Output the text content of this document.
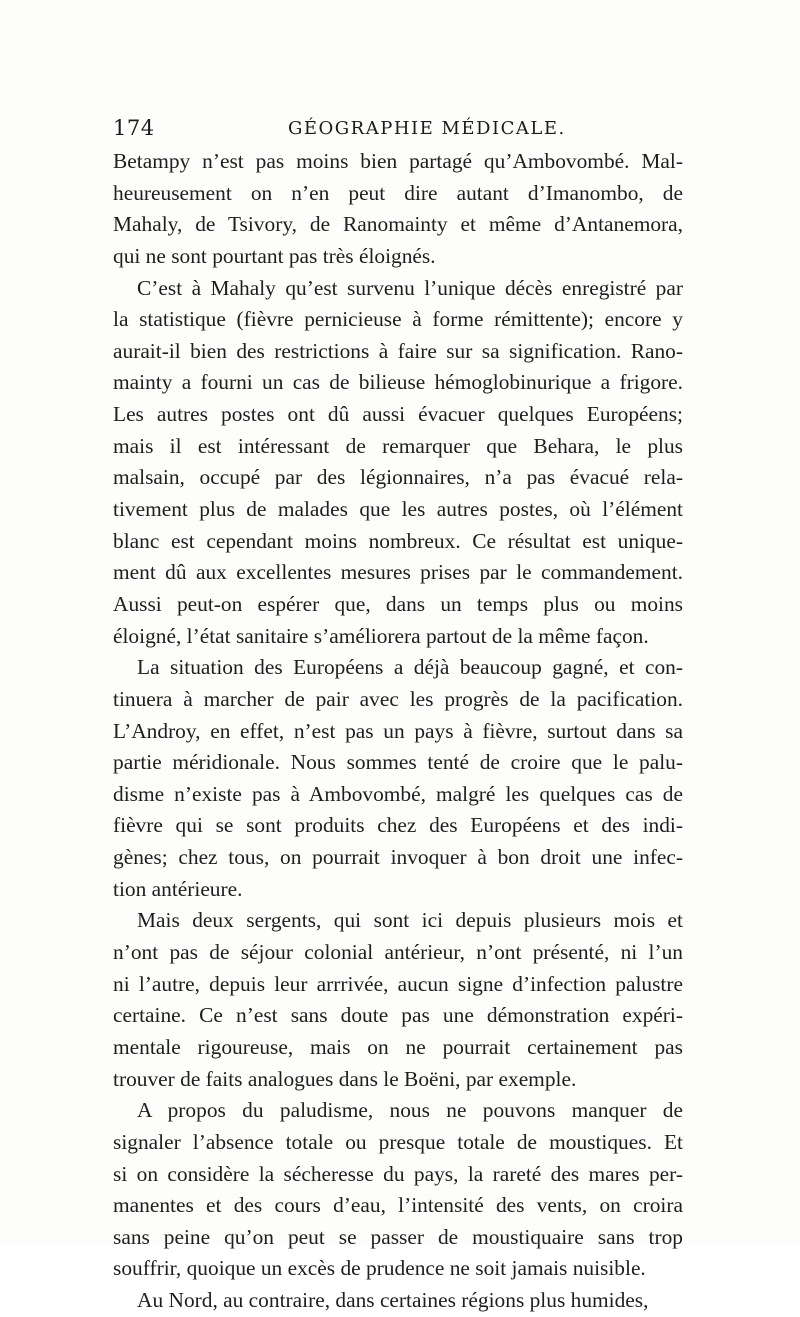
174	GÉOGRAPHIE MÉDICALE.
Betampy n’est pas moins bien partagé qu’Ambovombé. Mal-
heureusement on n’en peut dire autant d’Imanombo, de
Mahaly, de Tsivory, de Ranomainty et même d’Antanemora,
qui ne sont pourtant pas très éloignés.
C’est à Mahaly qu’est survenu l’unique décès enregistré par
la statistique (fièvre pernicieuse à forme rémittente); encore y
aurait-il bien des restrictions à faire sur sa signification. Rano-
mainty a fourni un cas de bilieuse hémoglobinurique a frigore.
Les autres postes ont dû aussi évacuer quelques Européens;
mais il est intéressant de remarquer que Behara, le plus
malsain, occupé par des légionnaires, n’a pas évacué rela-
tivement plus de malades que les autres postes, où l’élément
blanc est cependant moins nombreux. Ce résultat est unique-
ment dû aux excellentes mesures prises par le commandement.
Aussi peut-on espérer que, dans un temps plus ou moins
éloigné, l’état sanitaire s’améliorera partout de la même façon.
La situation des Européens a déjà beaucoup gagné, et con-
tinuera à marcher de pair avec les progrès de la pacification.
L’Androy, en effet, n’est pas un pays à fièvre, surtout dans sa
partie méridionale. Nous sommes tenté de croire que le palu-
disme n’existe pas à Ambovombé, malgré les quelques cas de
fièvre qui se sont produits chez des Européens et des indi-
gènes; chez tous, on pourrait invoquer à bon droit une infec-
tion antérieure.
Mais deux sergents, qui sont ici depuis plusieurs mois et
n’ont pas de séjour colonial antérieur, n’ont présenté, ni l’un
ni l’autre, depuis leur arrrivée, aucun signe d’infection palustre
certaine. Ce n’est sans doute pas une démonstration expéri-
mentale rigoureuse, mais on ne pourrait certainement pas
trouver de faits analogues dans le Boëni, par exemple.
A propos du paludisme, nous ne pouvons manquer de
signaler l’absence totale ou presque totale de moustiques. Et
si on considère la sécheresse du pays, la rareté des mares per-
manentes et des cours d’eau, l’intensité des vents, on croira
sans peine qu’on peut se passer de moustiquaire sans trop
souffrir, quoique un excès de prudence ne soit jamais nuisible.
Au Nord, au contraire, dans certaines régions plus humides,
